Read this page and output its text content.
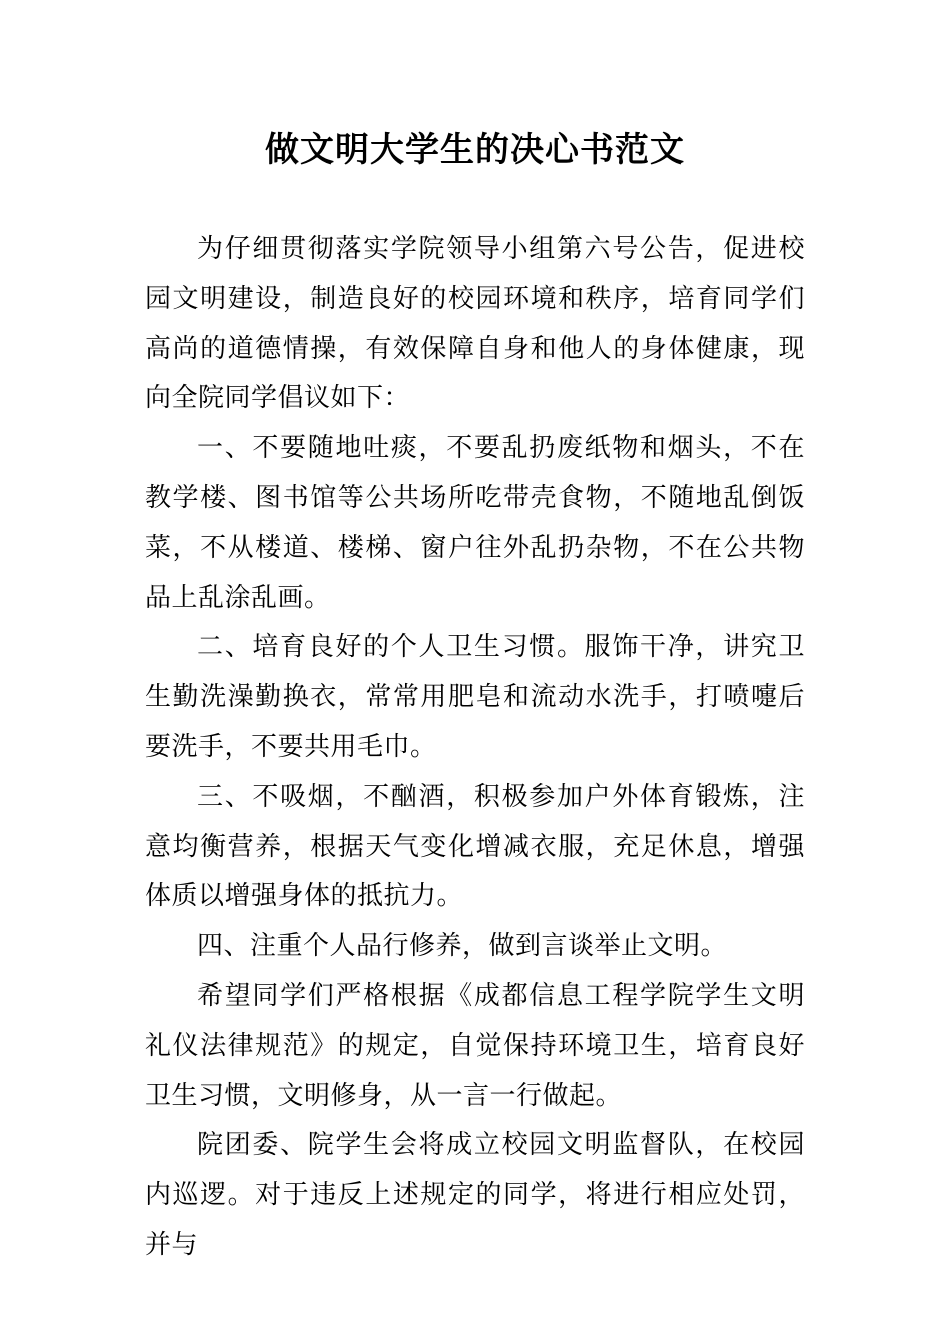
做文明大学生的决心书范文

为仔细贯彻落实学院领导小组第六号公告，促进校园文明建设，制造良好的校园环境和秩序，培育同学们高尚的道德情操，有效保障自身和他人的身体健康，现向全院同学倡议如下：

一、不要随地吐痰，不要乱扔废纸物和烟头，不在教学楼、图书馆等公共场所吃带壳食物，不随地乱倒饭菜，不从楼道、楼梯、窗户往外乱扔杂物，不在公共物品上乱涂乱画。

二、培育良好的个人卫生习惯。服饰干净，讲究卫生勤洗澡勤换衣，常常用肥皂和流动水洗手，打喷嚏后要洗手，不要共用毛巾。

三、不吸烟，不酗酒，积极参加户外体育锻炼，注意均衡营养，根据天气变化增减衣服，充足休息，增强体质以增强身体的抵抗力。

四、注重个人品行修养，做到言谈举止文明。

希望同学们严格根据《成都信息工程学院学生文明礼仪法律规范》的规定，自觉保持环境卫生，培育良好卫生习惯，文明修身，从一言一行做起。

院团委、院学生会将成立校园文明监督队，在校园内巡逻。对于违反上述规定的同学，将进行相应处罚，并与
